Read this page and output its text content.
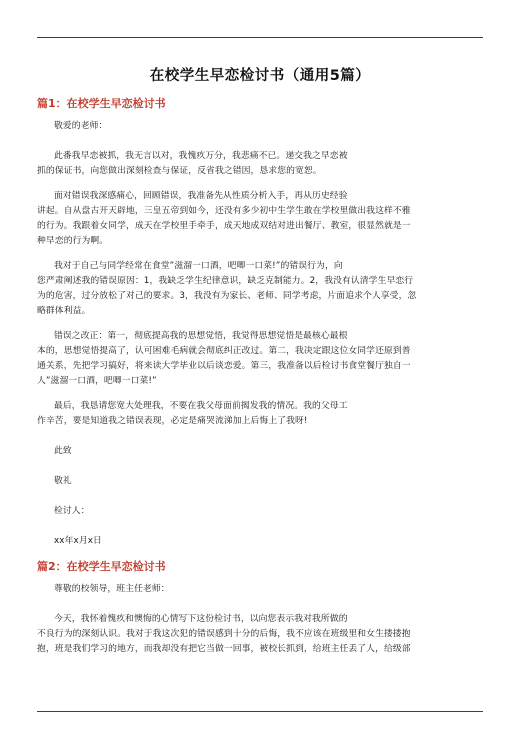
在校学生早恋检讨书（通用5篇）
篇1：在校学生早恋检讨书

敬爱的老师：

此番我早恋被抓，我无言以对，我愧疚万分，我悲痛不已。递交我之早恋被
抓的保证书，向您做出深刻检查与保证，反省我之错因，恳求您的宽恕。

面对错误我深感痛心，回顾错误，我准备先从性质分析入手，再从历史经验
讲起。自从盘古开天辟地，三皇五帝到如今，还没有多少初中生学生敢在学校里做出我这样不雅
的行为。我跟着女同学，成天在学校里手牵手，成天地成双结对进出餐厅、教室，很显然就是一
种早恋的行为啊。

我对于自己与同学经常在食堂”滋溜一口酒，吧唧一口菜!”的错误行为，向
您严肃阐述我的错误原因：1，我缺乏学生纪律意识，缺乏克制能力。2，我没有认清学生早恋行
为的危害，过分放松了对己的要求。3，我没有为家长、老师、同学考虑，片面追求个人享受，忽
略群体利益。

错误之改正：第一，彻底提高我的思想觉悟，我觉得思想觉悟是最核心最根
本的，思想觉悟提高了，认可困难毛病就会彻底纠正改过。第二，我决定跟这位女同学还原到普
通关系，先把学习搞好，将来读大学毕业以后谈恋爱。第三，我准备以后检讨书食堂餐厅独自一
人”滋溜一口酒，吧唧一口菜!”

最后，我恳请您宽大处理我，不要在我父母面前揭发我的情况。我的父母工
作辛苦，要是知道我之错误表现，必定是痛哭流涕加上后悔上了我呀!

此致

敬礼

检讨人：

xx年x月x日

篇2：在校学生早恋检讨书

尊敬的校领导，班主任老师：

今天，我怀着愧疚和懊悔的心情写下这份检讨书，以向您表示我对我所做的
不良行为的深刻认识。我对于我这次犯的错误感到十分的后悔，我不应该在班级里和女生搂搂抱
抱，班是我们学习的地方，而我却没有把它当做一回事，被校长抓到，给班主任丢了人，给级部
